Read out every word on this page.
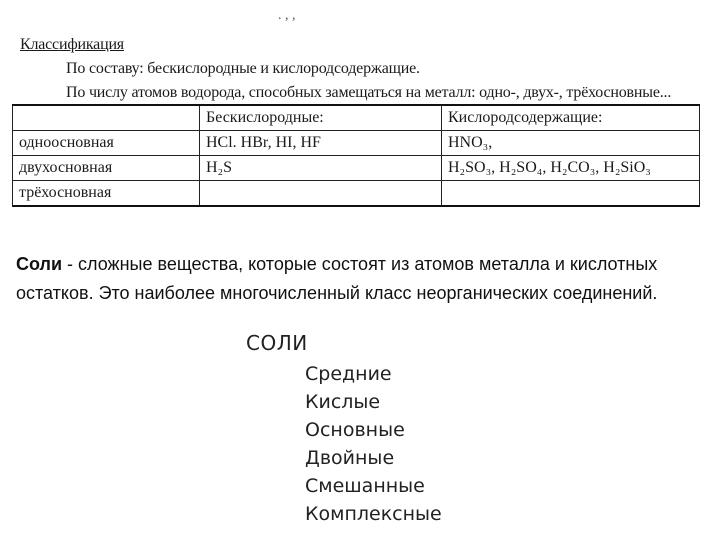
. , ,
Классификация
По составу: бескислородные и кислородсодержащие.
По числу атомов водорода, способных замещаться на металл: одно-, двух-, трёхосновные...
	Бескислородные:	Кислородсодержащие:
одноосновная	HCl. HBr, HI, HF	HNO₃,
двухосновная	H₂S	H₂SO₃, H₂SO₄, H₂CO₃, H₂SiO₃
трёхосновная		
Соли - сложные вещества, которые состоят из атомов металла и кислотных остатков. Это наиболее многочисленный класс неорганических соединений.
СОЛИ
Средние
Кислые
Основные
Двойные
Смешанные
Комплексные
